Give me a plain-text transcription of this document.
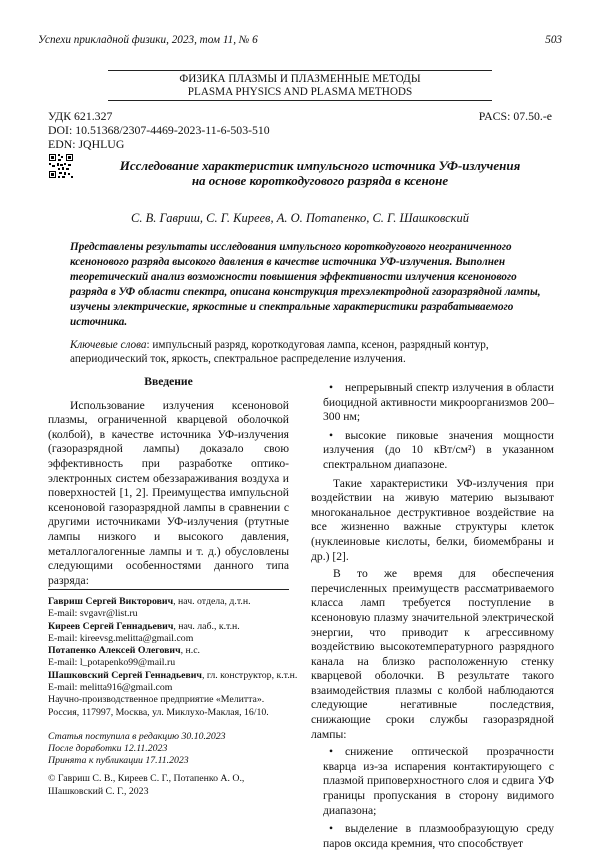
Успехи прикладной физики, 2023, том 11, № 6	503
ФИЗИКА ПЛАЗМЫ И ПЛАЗМЕННЫЕ МЕТОДЫ
PLASMA PHYSICS AND PLASMA METHODS
УДК 621.327
DOI: 10.51368/2307-4469-2023-11-6-503-510
EDN: JQHLUG
PACS: 07.50.-e
Исследование характеристик импульсного источника УФ-излучения
на основе короткодугового разряда в ксеноне
С. В. Гавриш, С. Г. Киреев, А. О. Потапенко, С. Г. Шашковский
Представлены результаты исследования импульсного короткодугового неограниченного ксенонового разряда высокого давления в качестве источника УФ-излучения. Выполнен теоретический анализ возможности повышения эффективности излучения ксенонового разряда в УФ области спектра, описана конструкция трехэлектродной газоразрядной лампы, изучены электрические, яркостные и спектральные характеристики разрабатываемого источника.
Ключевые слова: импульсный разряд, короткодуговая лампа, ксенон, разрядный контур, апериодический ток, яркость, спектральное распределение излучения.
Введение

Использование излучения ксеноновой плазмы, ограниченной кварцевой оболочкой (колбой), в качестве источника УФ-излучения (газоразрядной лампы) доказало свою эффективность при разработке оптико-электронных систем обеззараживания воздуха и поверхностей [1, 2]. Преимущества импульсной ксеноновой газоразрядной лампы в сравнении с другими источниками УФ-излучения (ртутные лампы низкого и высокого давления, металлогалогенные лампы и т. д.) обусловлены следующими особенностями данного типа разряда:

Гавриш Сергей Викторович, нач. отдела, д.т.н.
E-mail: svgavr@list.ru
Киреев Сергей Геннадьевич, нач. лаб., к.т.н.
E-mail: kireevsg.melitta@gmail.com
Потапенко Алексей Олегович, н.с.
E-mail: l_potapenko99@mail.ru
Шашковский Сергей Геннадьевич, гл. конструктор, к.т.н.
E-mail: melitta916@gmail.com
Научно-производственное предприятие «Мелитта».
Россия, 117997, Москва, ул. Миклухо-Маклая, 16/10.
Статья поступила в редакцию 30.10.2023
После доработки 12.11.2023
Принята к публикации 17.11.2023
© Гавриш С. В., Киреев С. Г., Потапенко А. О., Шашковский С. Г., 2023
•	непрерывный спектр излучения в области биоцидной активности микроорганизмов 200–300 нм;
•	высокие пиковые значения мощности излучения (до 10 кВт/см²) в указанном спектральном диапазоне.

Такие характеристики УФ-излучения при воздействии на живую материю вызывают многоканальное деструктивное воздействие на все жизненно важные структуры клеток (нуклеиновые кислоты, белки, биомембраны и др.) [2].

В то же время для обеспечения перечисленных преимуществ рассматриваемого класса ламп требуется поступление в ксеноновую плазму значительной электрической энергии, что приводит к агрессивному воздействию высокотемпературного разрядного канала на близко расположенную стенку кварцевой оболочки. В результате такого взаимодействия плазмы с колбой наблюдаются следующие негативные последствия, снижающие сроки службы газоразрядной лампы:

•	снижение оптической прозрачности кварца из-за испарения контактирующего с плазмой приповерхностного слоя и сдвига УФ границы пропускания в сторону видимого диапазона;
•	выделение в плазмообразующую среду паров оксида кремния, что способствует
